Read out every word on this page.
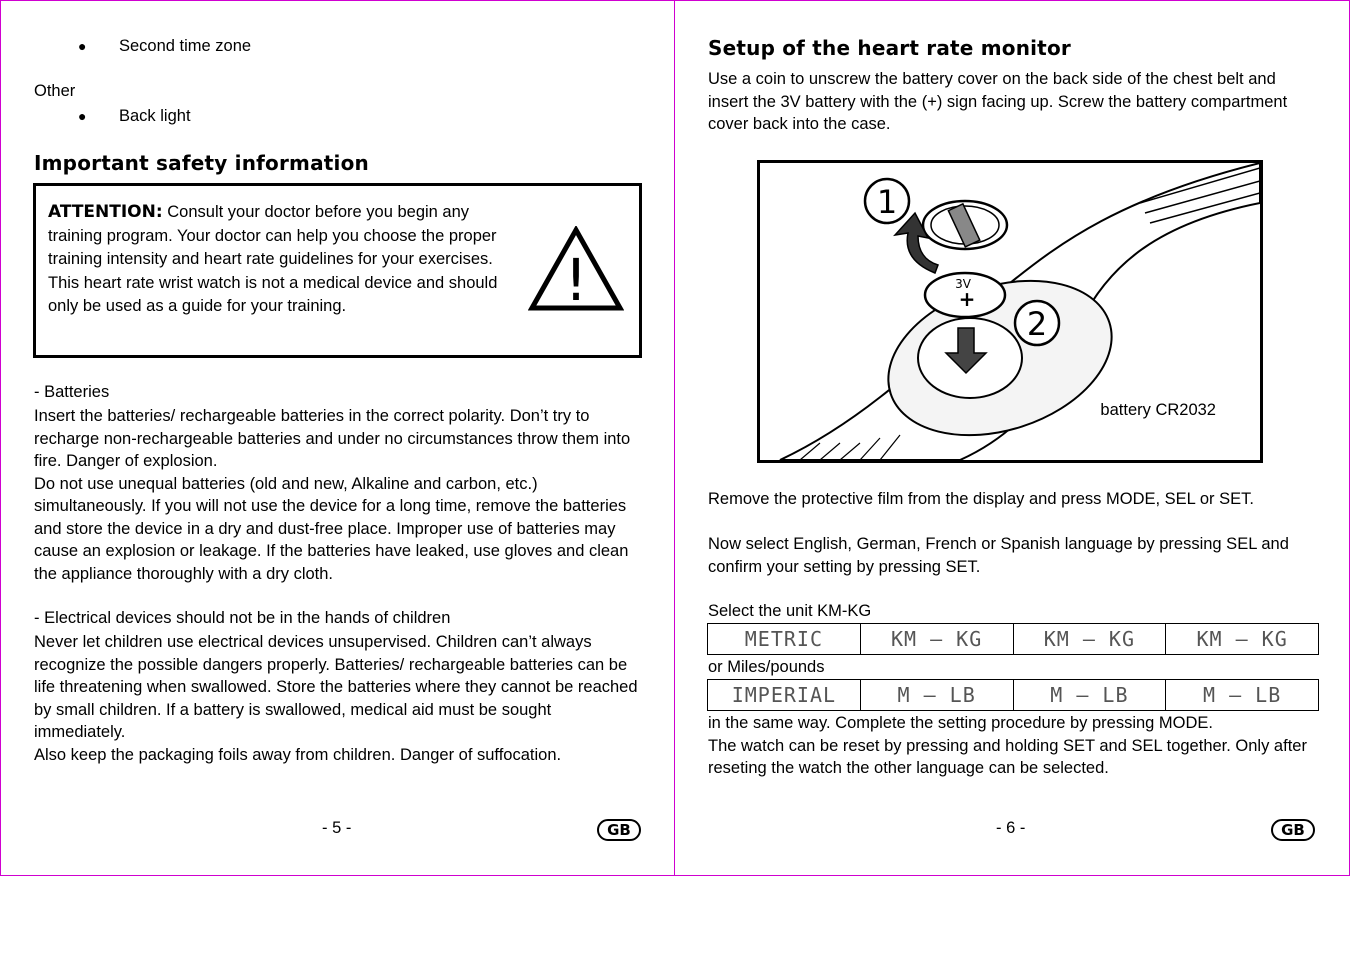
● Second time zone

Other

● Back light
Important safety information
ATTENTION: Consult your doctor before you begin any training program. Your doctor can help you choose the proper training intensity and heart rate guidelines for your exercises.
This heart rate wrist watch is not a medical device and should only be used as a guide for your training.	!

- Batteries

Insert the batteries/ rechargeable batteries in the correct polarity. Don’t try to recharge non-rechargeable batteries and under no circumstances throw them into fire. Danger of explosion.

Do not use unequal batteries (old and new, Alkaline and carbon, etc.) simultaneously. If you will not use the device for a long time, remove the batteries and store the device in a dry and dust-free place. Improper use of batteries may cause an explosion or leakage. If the batteries have leaked, use gloves and clean the appliance thoroughly with a dry cloth.

- Electrical devices should not be in the hands of children

Never let children use electrical devices unsupervised. Children can’t always recognize the possible dangers properly. Batteries/ rechargeable batteries can be life threatening when swallowed. Store the batteries where they cannot be reached by small children. If a battery is swallowed, medical aid must be sought immediately.

Also keep the packaging foils away from children. Danger of suffocation.

- 5 -	GB
Setup of the heart rate monitor

Use a coin to unscrew the battery cover on the back side of the chest belt and insert the 3V battery with the (+) sign facing up. Screw the battery compartment cover back into the case.

3V
+
1
2
battery CR2032

Remove the protective film from the display and press MODE, SEL or SET.

Now select English, German, French or Spanish language by pressing SEL and confirm your setting by pressing SET.

Select the unit KM-KG

METRIC	KM – KG	KM – KG	KM – KG

or Miles/pounds

IMPERIAL	M – LB	M – LB	M – LB

in the same way. Complete the setting procedure by pressing MODE.

The watch can be reset by pressing and holding SET and SEL together. Only after reseting the watch the other language can be selected.

- 6 -	GB
